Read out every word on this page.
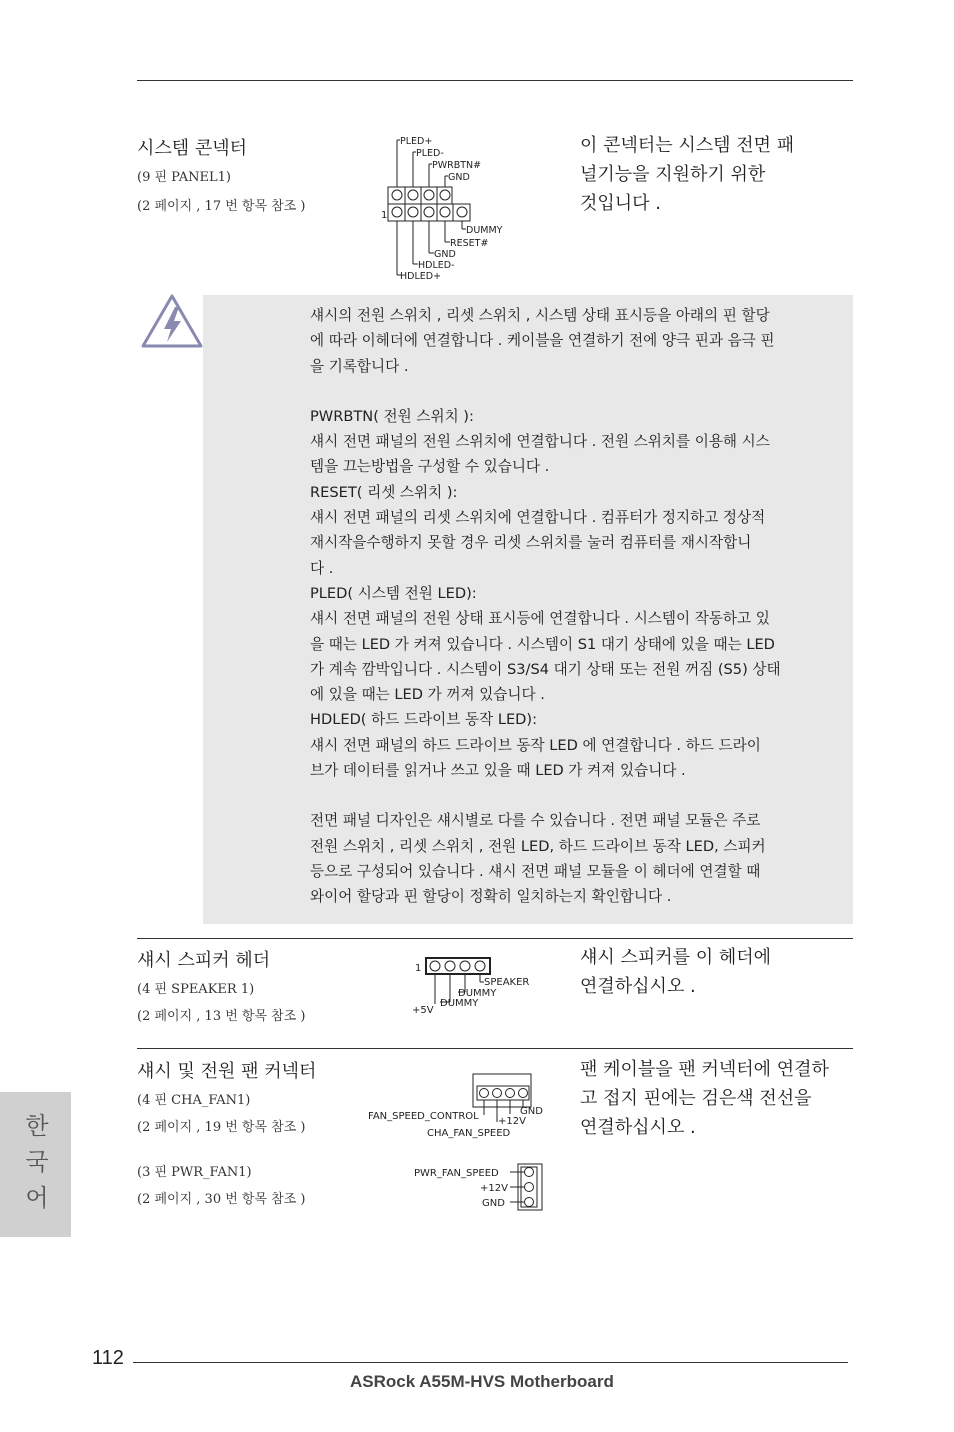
시스템 콘넥터
(9 핀 PANEL1)
(2 페이지 , 17 번 항목 참조 )
1
PLED+
PLED-
PWRBTN#
GND
DUMMY
RESET#
GND
HDLED-
HDLED+
이 콘넥터는 시스템 전면 패
널기능을 지원하기 위한
것입니다 .

섀시의 전원 스위치 , 리셋 스위치 , 시스템 상태 표시등을 아래의 핀 할당

에 따라 이헤더에 연결합니다 . 케이블을 연결하기 전에 양극 핀과 음극 핀

을 기록합니다 .

PWRBTN( 전원 스위치 ):

섀시 전면 패널의 전원 스위치에 연결합니다 . 전원 스위치를 이용해 시스

템을 끄는방법을 구성할 수 있습니다 .

RESET( 리셋 스위치 ):

섀시 전면 패널의 리셋 스위치에 연결합니다 . 컴퓨터가 정지하고 정상적

재시작을수행하지 못할 경우 리셋 스위치를 눌러 컴퓨터를 재시작합니

다 .

PLED( 시스템 전원 LED):

섀시 전면 패널의 전원 상태 표시등에 연결합니다 . 시스템이 작동하고 있

을 때는 LED 가 켜져 있습니다 . 시스템이 S1 대기 상태에 있을 때는 LED

가 계속 깜박입니다 . 시스템이 S3/S4 대기 상태 또는 전원 꺼짐 (S5) 상태

에 있을 때는 LED 가 꺼져 있습니다 .

HDLED( 하드 드라이브 동작 LED):

섀시 전면 패널의 하드 드라이브 동작 LED 에 연결합니다 . 하드 드라이

브가 데이터를 읽거나 쓰고 있을 때 LED 가 켜져 있습니다 .

전면 패널 디자인은 섀시별로 다를 수 있습니다 . 전면 패널 모듈은 주로

전원 스위치 , 리셋 스위치 , 전원 LED, 하드 드라이브 동작 LED, 스피커

등으로 구성되어 있습니다 . 섀시 전면 패널 모듈을 이 헤더에 연결할 때

와이어 할당과 핀 할당이 정확히 일치하는지 확인합니다 .

섀시 스피커 헤더
(4 핀 SPEAKER 1)
(2 페이지 , 13 번 항목 참조 )
1
SPEAKER
DUMMY
DUMMY
+5V
섀시 스피커를 이 헤더에
연결하십시오 .
섀시 및 전원 팬 커넥터
(4 핀 CHA_FAN1)
(2 페이지 , 19 번 항목 참조 )
(3 핀 PWR_FAN1)
(2 페이지 , 30 번 항목 참조 )
FAN_SPEED_CONTROL +12V
GND
CHA_FAN_SPEED
PWR_FAN_SPEED
+12V
GND
팬 케이블을 팬 커넥터에 연결하
고 접지 핀에는 검은색 전선을
연결하십시오 .
한
국
어
112
ASRock A55M-HVS Motherboard
